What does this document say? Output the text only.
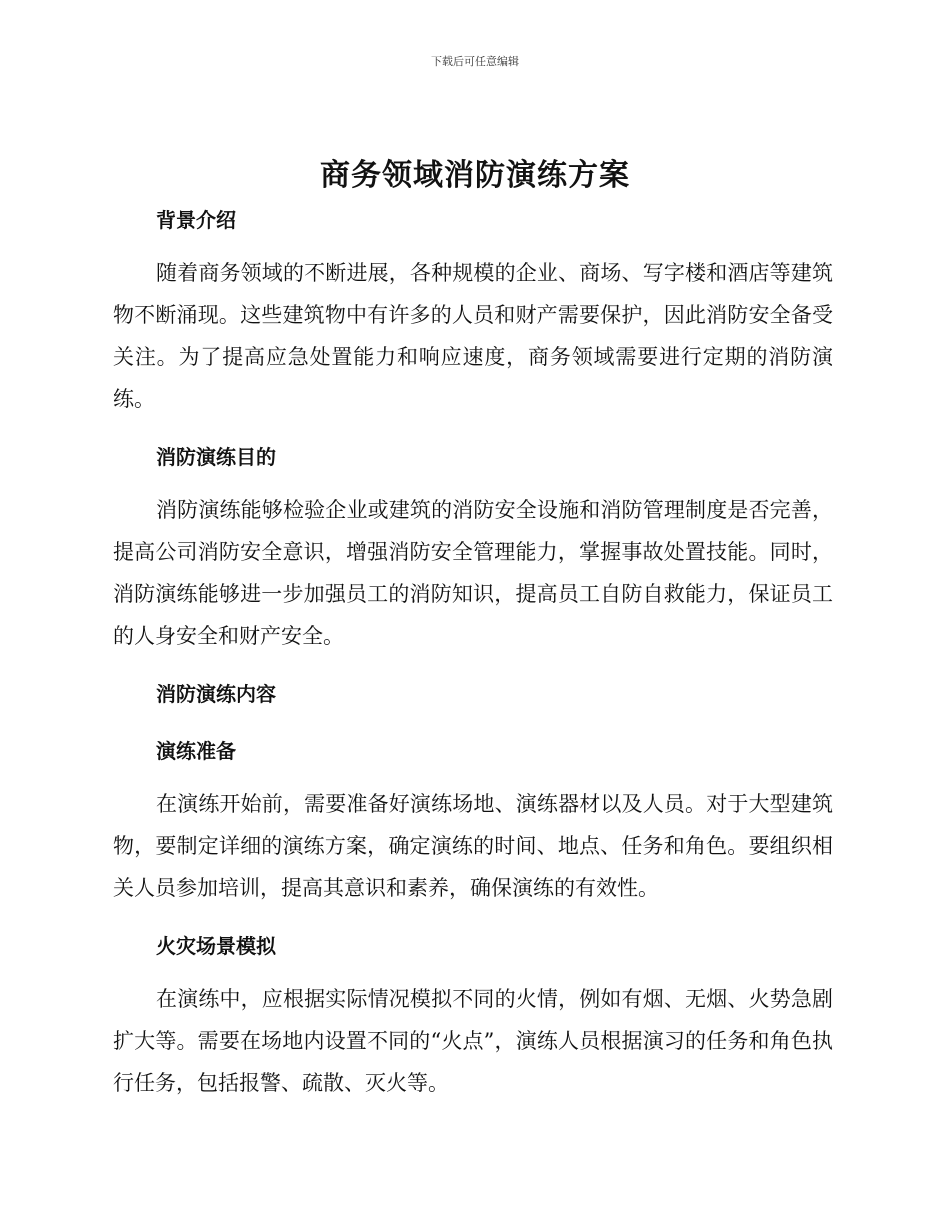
下载后可任意编辑
商务领域消防演练方案
背景介绍

随着商务领域的不断进展，各种规模的企业、商场、写字楼和酒店等建筑物不断涌现。这些建筑物中有许多的人员和财产需要保护，因此消防安全备受关注。为了提高应急处置能力和响应速度，商务领域需要进行定期的消防演练。

消防演练目的

消防演练能够检验企业或建筑的消防安全设施和消防管理制度是否完善，提高公司消防安全意识，增强消防安全管理能力，掌握事故处置技能。同时，消防演练能够进一步加强员工的消防知识，提高员工自防自救能力，保证员工的人身安全和财产安全。

消防演练内容
演练准备

在演练开始前，需要准备好演练场地、演练器材以及人员。对于大型建筑物，要制定详细的演练方案，确定演练的时间、地点、任务和角色。要组织相关人员参加培训，提高其意识和素养，确保演练的有效性。

火灾场景模拟

在演练中，应根据实际情况模拟不同的火情，例如有烟、无烟、火势急剧扩大等。需要在场地内设置不同的“火点”，演练人员根据演习的任务和角色执行任务，包括报警、疏散、灭火等。
